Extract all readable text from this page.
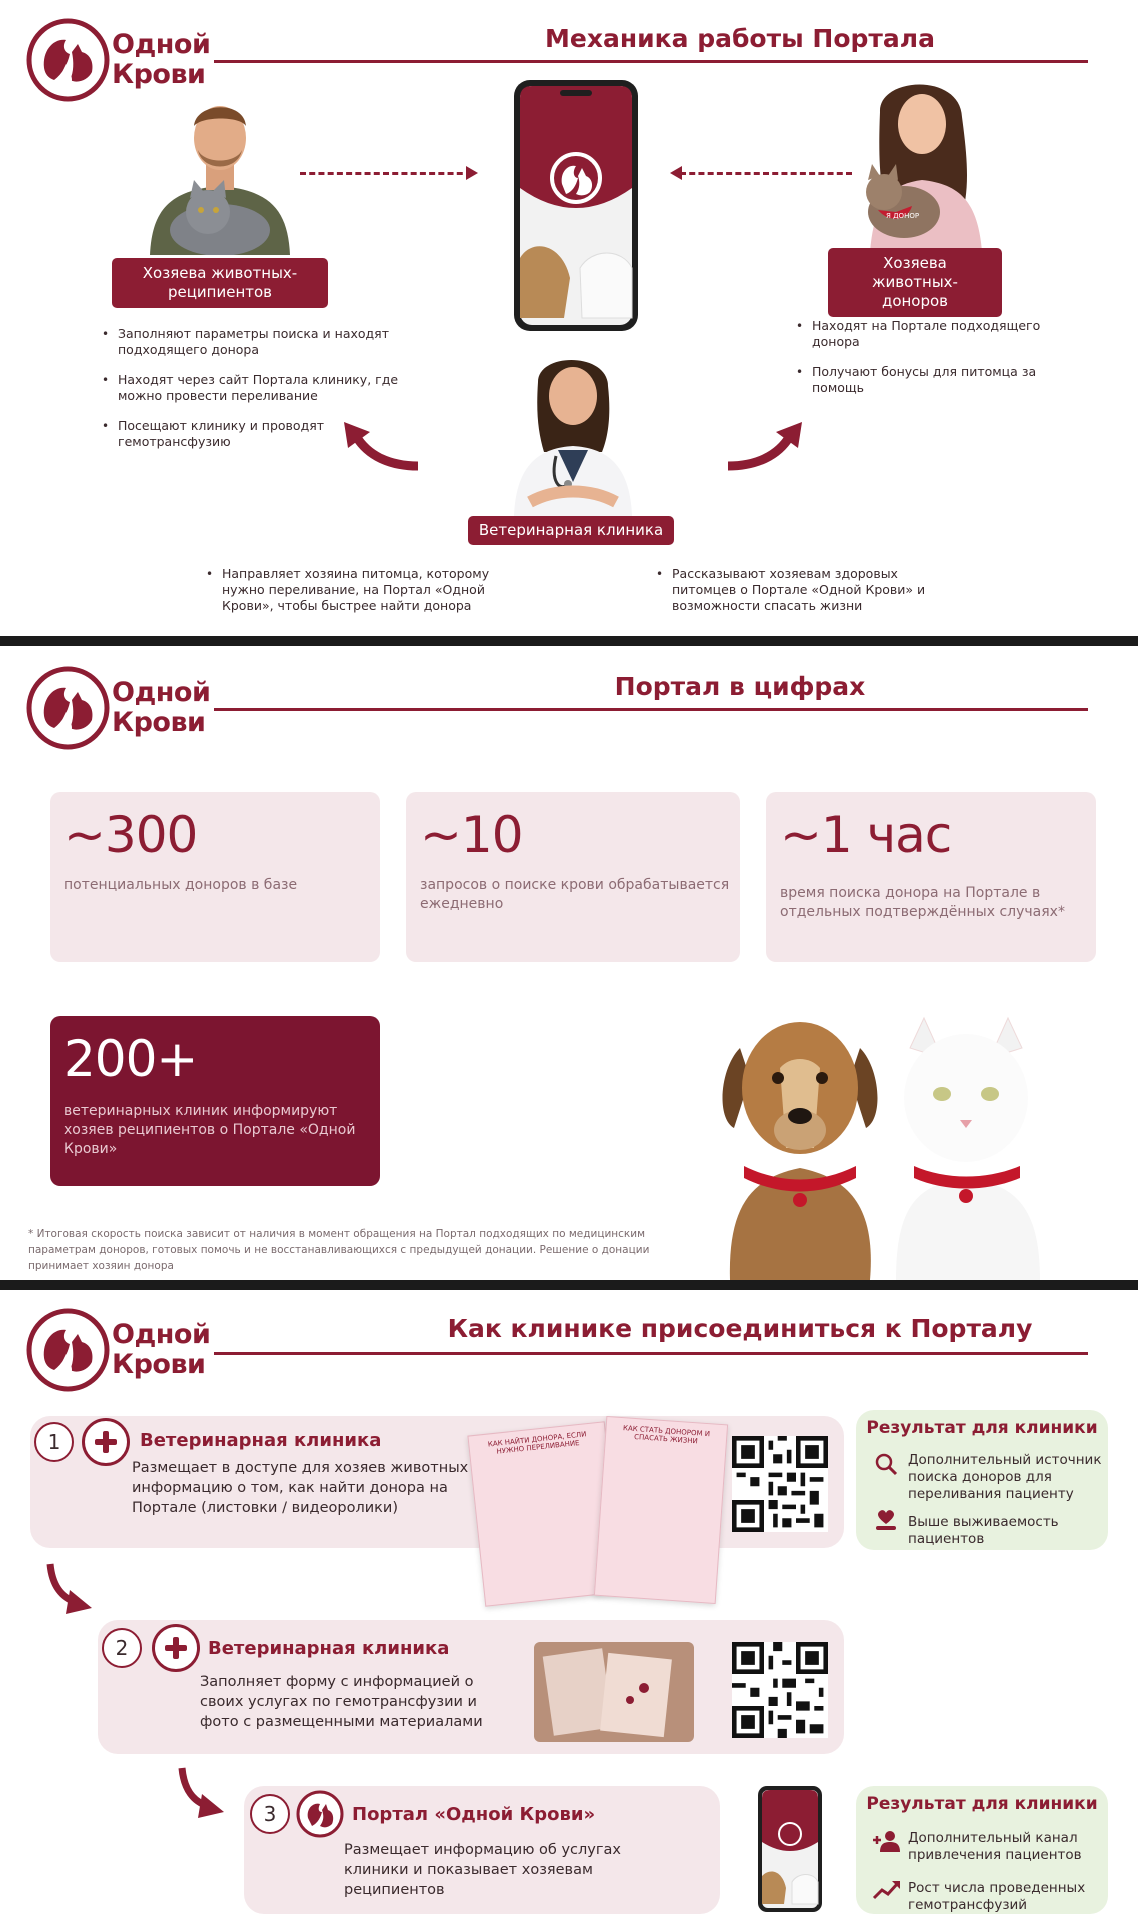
Одной
Крови
Механика работы Портала
Хозяева животных-реципиентов
• Заполняют параметры поиска и находят подходящего донора
• Находят через сайт Портала клинику, где можно провести переливание
• Посещают клинику и проводят гемотрансфузию
Я ДОНОР
Хозяева животных-доноров
• Находят на Портале подходящего донора
• Получают бонусы для питомца за помощь
Ветеринарная клиника
• Направляет хозяина питомца, которому нужно переливание, на Портал «Одной Крови», чтобы быстрее найти донора
• Рассказывают хозяевам здоровых питомцев о Портале «Одной Крови» и возможности спасать жизни
Одной
Крови
Портал в цифрах
~300
потенциальных доноров в базе
~10
запросов о поиске крови обрабатывается ежедневно
~1 час
время поиска донора на Портале в отдельных подтверждённых случаях*
200+
ветеринарных клиник информируют хозяев реципиентов о Портале «Одной Крови»
* Итоговая скорость поиска зависит от наличия в момент обращения на Портал подходящих по медицинским параметрам доноров, готовых помочь и не восстанавливающихся с предыдущей донации. Решение о донации принимает хозяин донора
Одной
Крови
Как клинике присоединиться к Порталу
1	Ветеринарная клиника
Размещает в доступе для хозяев животных информацию о том, как найти донора на Портале (листовки / видеоролики)
КАК НАЙТИ ДОНОРА, ЕСЛИ НУЖНО ПЕРЕЛИВАНИЕ
КАК СТАТЬ ДОНОРОМ И СПАСАТЬ ЖИЗНИ
Результат для клиники
Дополнительный источник поиска доноров для переливания пациенту
Выше выживаемость пациентов
2	Ветеринарная клиника
Заполняет форму с информацией о своих услугах по гемотрансфузии и фото с размещенными материалами
3	Портал «Одной Крови»
Размещает информацию об услугах клиники и показывает хозяевам реципиентов
Результат для клиники
Дополнительный канал привлечения пациентов
Рост числа проведенных гемотрансфузий
